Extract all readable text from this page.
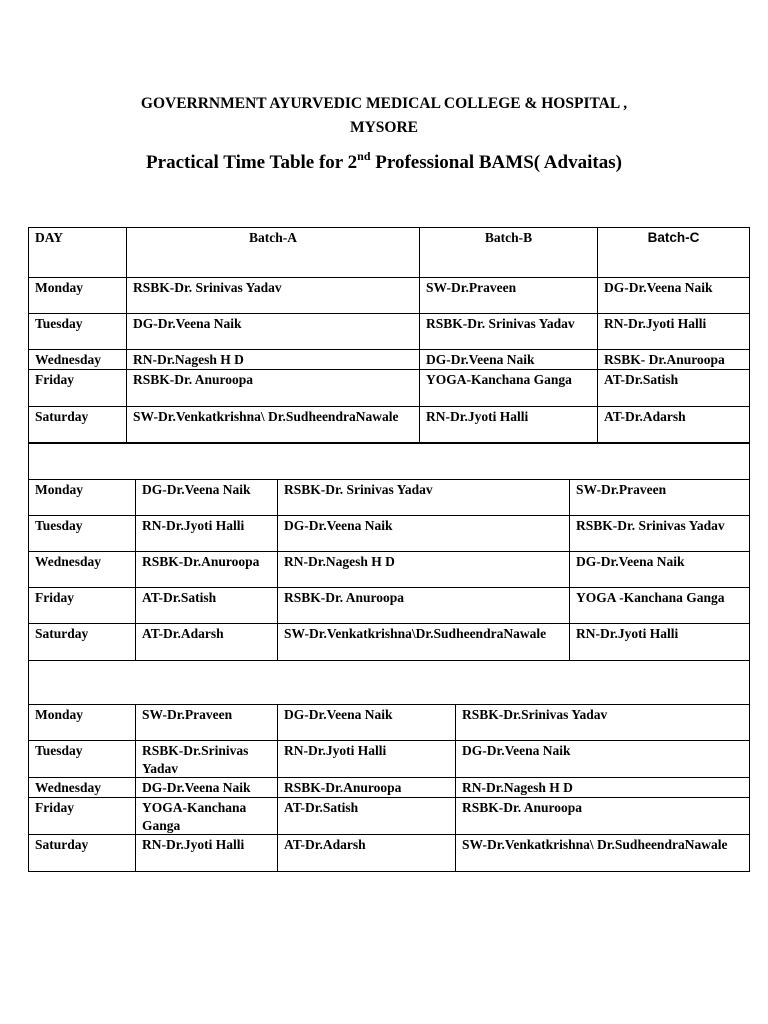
GOVERRNMENT AYURVEDIC MEDICAL COLLEGE & HOSPITAL ,
MYSORE
Practical Time Table for 2nd Professional BAMS( Advaitas)
DAY	Batch-A	Batch-B	Batch-C
Monday	RSBK-Dr. Srinivas Yadav	SW-Dr.Praveen	DG-Dr.Veena Naik
Tuesday	DG-Dr.Veena Naik	RSBK-Dr. Srinivas Yadav	RN-Dr.Jyoti Halli
Wednesday	RN-Dr.Nagesh H D	DG-Dr.Veena Naik	RSBK- Dr.Anuroopa
Friday	RSBK-Dr. Anuroopa	YOGA-Kanchana Ganga	AT-Dr.Satish
Saturday	SW-Dr.Venkatkrishna\ Dr.SudheendraNawale	RN-Dr.Jyoti Halli	AT-Dr.Adarsh

Monday	DG-Dr.Veena Naik	RSBK-Dr. Srinivas Yadav	SW-Dr.Praveen
Tuesday	RN-Dr.Jyoti Halli	DG-Dr.Veena Naik	RSBK-Dr. Srinivas Yadav
Wednesday	RSBK-Dr.Anuroopa	RN-Dr.Nagesh H D	DG-Dr.Veena Naik
Friday	AT-Dr.Satish	RSBK-Dr. Anuroopa	YOGA -Kanchana Ganga
Saturday	AT-Dr.Adarsh	SW-Dr.Venkatkrishna\Dr.SudheendraNawale	RN-Dr.Jyoti Halli

Monday	SW-Dr.Praveen	DG-Dr.Veena Naik	RSBK-Dr.Srinivas Yadav
Tuesday	RSBK-Dr.Srinivas Yadav	RN-Dr.Jyoti Halli	DG-Dr.Veena Naik
Wednesday	DG-Dr.Veena Naik	RSBK-Dr.Anuroopa	RN-Dr.Nagesh H D
Friday	YOGA-Kanchana Ganga	AT-Dr.Satish	RSBK-Dr. Anuroopa
Saturday	RN-Dr.Jyoti Halli	AT-Dr.Adarsh	SW-Dr.Venkatkrishna\ Dr.SudheendraNawale
